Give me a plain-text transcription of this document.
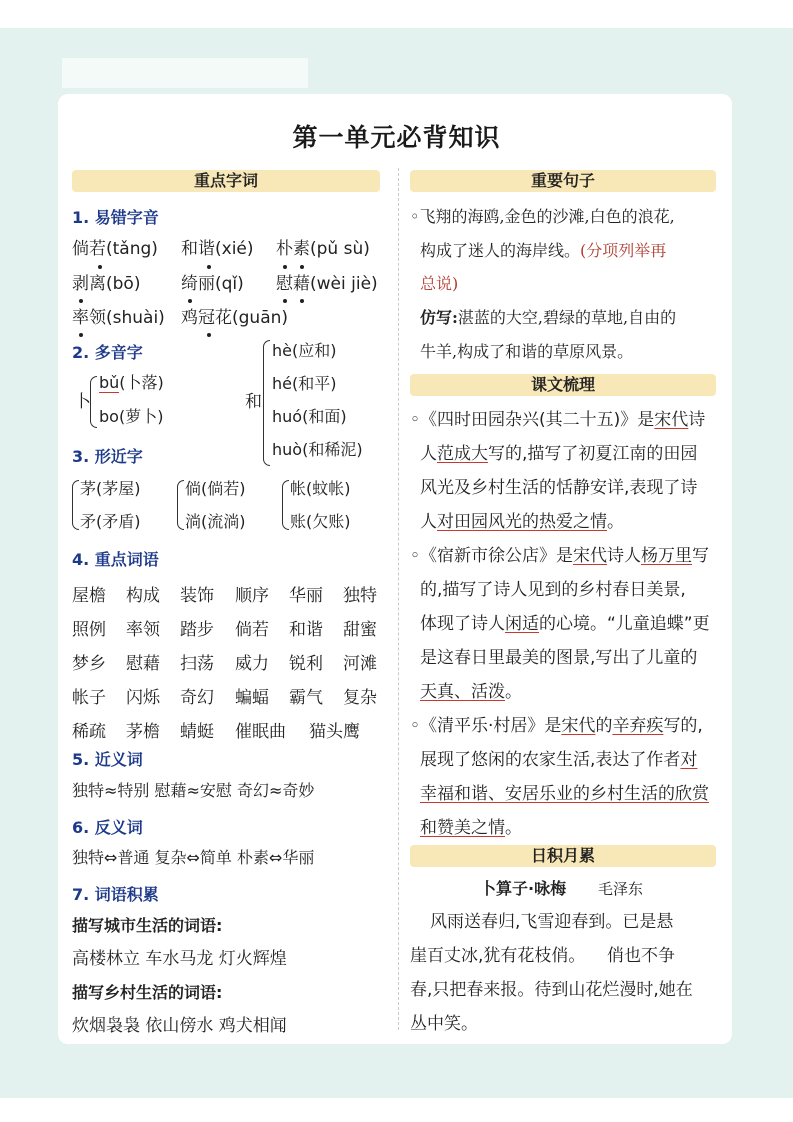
第一单元必背知识
重点字词
1. 易错字音
倘若(tǎng) 和谐(xié) 朴素(pǔ sù)
剥离(bō) 绮丽(qǐ) 慰藉(wèi jiè)
率领(shuài) 鸡冠花(guān)
2. 多音字
卜
bǔ(卜落)
bo(萝卜)
和
hè(应和)
hé(和平)
huó(和面)
huò(和稀泥)
3. 形近字
茅(茅屋)
矛(矛盾)
倘(倘若)
淌(流淌)
帐(蚊帐)
账(欠账)
4. 重点词语
屋檐 构成 装饰 顺序 华丽 独特
照例 率领 踏步 倘若 和谐 甜蜜
梦乡 慰藉 扫荡 威力 锐利 河滩
帐子 闪烁 奇幻 蝙蝠 霸气 复杂
稀疏 茅檐 蜻蜓 催眠曲 猫头鹰
5. 近义词
独特≈特别 慰藉≈安慰 奇幻≈奇妙
6. 反义词
独特⇔普通 复杂⇔简单 朴素⇔华丽
7. 词语积累
描写城市生活的词语:
高楼林立 车水马龙 灯火辉煌
描写乡村生活的词语:
炊烟袅袅 依山傍水 鸡犬相闻
重要句子
◦飞翔的海鸥,金色的沙滩,白色的浪花,
构成了迷人的海岸线。(分项列举再
总说)
仿写:湛蓝的大空,碧绿的草地,自由的
牛羊,构成了和谐的草原风景。
课文梳理
◦《四时田园杂兴(其二十五)》是宋代诗
人范成大写的,描写了初夏江南的田园
风光及乡村生活的恬静安详,表现了诗
人对田园风光的热爱之情。
◦《宿新市徐公店》是宋代诗人杨万里写
的,描写了诗人见到的乡村春日美景,
体现了诗人闲适的心境。“儿童追蝶”更
是这春日里最美的图景,写出了儿童的
天真、活泼。
◦《清平乐·村居》是宋代的辛弃疾写的,
展现了悠闲的农家生活,表达了作者对
幸福和谐、安居乐业的乡村生活的欣赏
和赞美之情。
日积月累
卜算子·咏梅 毛泽东
风雨送春归,飞雪迎春到。已是悬
崖百丈冰,犹有花枝俏。    俏也不争
春,只把春来报。待到山花烂漫时,她在
丛中笑。
